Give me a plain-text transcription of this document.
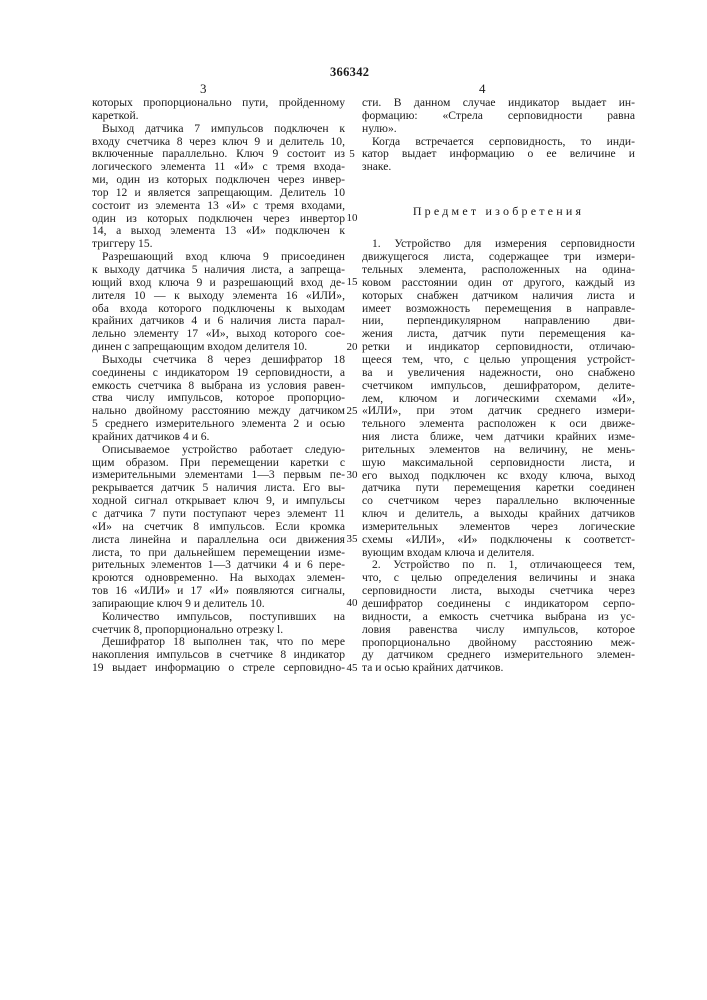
366342
3	4
которых пропорционально пути, пройденному
кареткой.
Выход датчика 7 импульсов подключен к
входу счетчика 8 через ключ 9 и делитель 10,
включенные параллельно. Ключ 9 состоит из
логического элемента 11 «И» с тремя входа-
ми, один из которых подключен через инвер-
тор 12 и является запрещающим. Делитель 10
состоит из элемента 13 «И» с тремя входами,
один из которых подключен через инвертор
14, а выход элемента 13 «И» подключен к
триггеру 15.
Разрешающий вход ключа 9 присоединен
к выходу датчика 5 наличия листа, а запреща-
ющий вход ключа 9 и разрешающий вход де-
лителя 10 — к выходу элемента 16 «ИЛИ»,
оба входа которого подключены к выходам
крайних датчиков 4 и 6 наличия листа парал-
лельно элементу 17 «И», выход которого сое-
динен с запрещающим входом делителя 10.
Выходы счетчика 8 через дешифратор 18
соединены с индикатором 19 серповидности, а
емкость счетчика 8 выбрана из условия равен-
ства числу импульсов, которое пропорцио-
нально двойному расстоянию между датчиком
5 среднего измерительного элемента 2 и осью
крайних датчиков 4 и 6.
Описываемое устройство работает следую-
щим образом. При перемещении каретки с
измерительными элементами 1—3 первым пе-
рекрывается датчик 5 наличия листа. Его вы-
ходной сигнал открывает ключ 9, и импульсы
с датчика 7 пути поступают через элемент 11
«И» на счетчик 8 импульсов. Если кромка
листа линейна и параллельна оси движения
листа, то при дальнейшем перемещении изме-
рительных элементов 1—3 датчики 4 и 6 пере-
кроются одновременно. На выходах элемен-
тов 16 «ИЛИ» и 17 «И» появляются сигналы,
запирающие ключ 9 и делитель 10.
Количество импульсов, поступивших на
счетчик 8, пропорционально отрезку l.
Дешифратор 18 выполнен так, что по мере
накопления импульсов в счетчике 8 индикатор
19 выдает информацию о стреле серповидно-
сти. В данном случае индикатор выдает ин-
формацию: «Стрела серповидности равна
нулю».
Когда встречается серповидность, то инди-
катор выдает информацию о ее величине и
знаке.
Предмет изобретения
1. Устройство для измерения серповидности
движущегося листа, содержащее три измери-
тельных элемента, расположенных на одина-
ковом расстоянии один от другого, каждый из
которых снабжен датчиком наличия листа и
имеет возможность перемещения в направле-
нии, перпендикулярном направлению дви-
жения листа, датчик пути перемещения ка-
ретки и индикатор серповидности, отличаю-
щееся тем, что, с целью упрощения устройст-
ва и увеличения надежности, оно снабжено
счетчиком импульсов, дешифратором, делите-
лем, ключом и логическими схемами «И»,
«ИЛИ», при этом датчик среднего измери-
тельного элемента расположен к оси движе-
ния листа ближе, чем датчики крайних изме-
рительных элементов на величину, не мень-
шую максимальной серповидности листа, и
его выход подключен кс входу ключа, выход
датчика пути перемещения каретки соединен
со счетчиком через параллельно включенные
ключ и делитель, а выходы крайних датчиков
измерительных элементов через логические
схемы «ИЛИ», «И» подключены к соответст-
вующим входам ключа и делителя.
2. Устройство по п. 1, отличающееся тем,
что, с целью определения величины и знака
серповидности листа, выходы счетчика через
дешифратор соединены с индикатором серпо-
видности, а емкость счетчика выбрана из ус-
ловия равенства числу импульсов, которое
пропорционально двойному расстоянию меж-
ду датчиком среднего измерительного элемен-
та и осью крайних датчиков.
5
10
15
20
25
30
35
40
45
